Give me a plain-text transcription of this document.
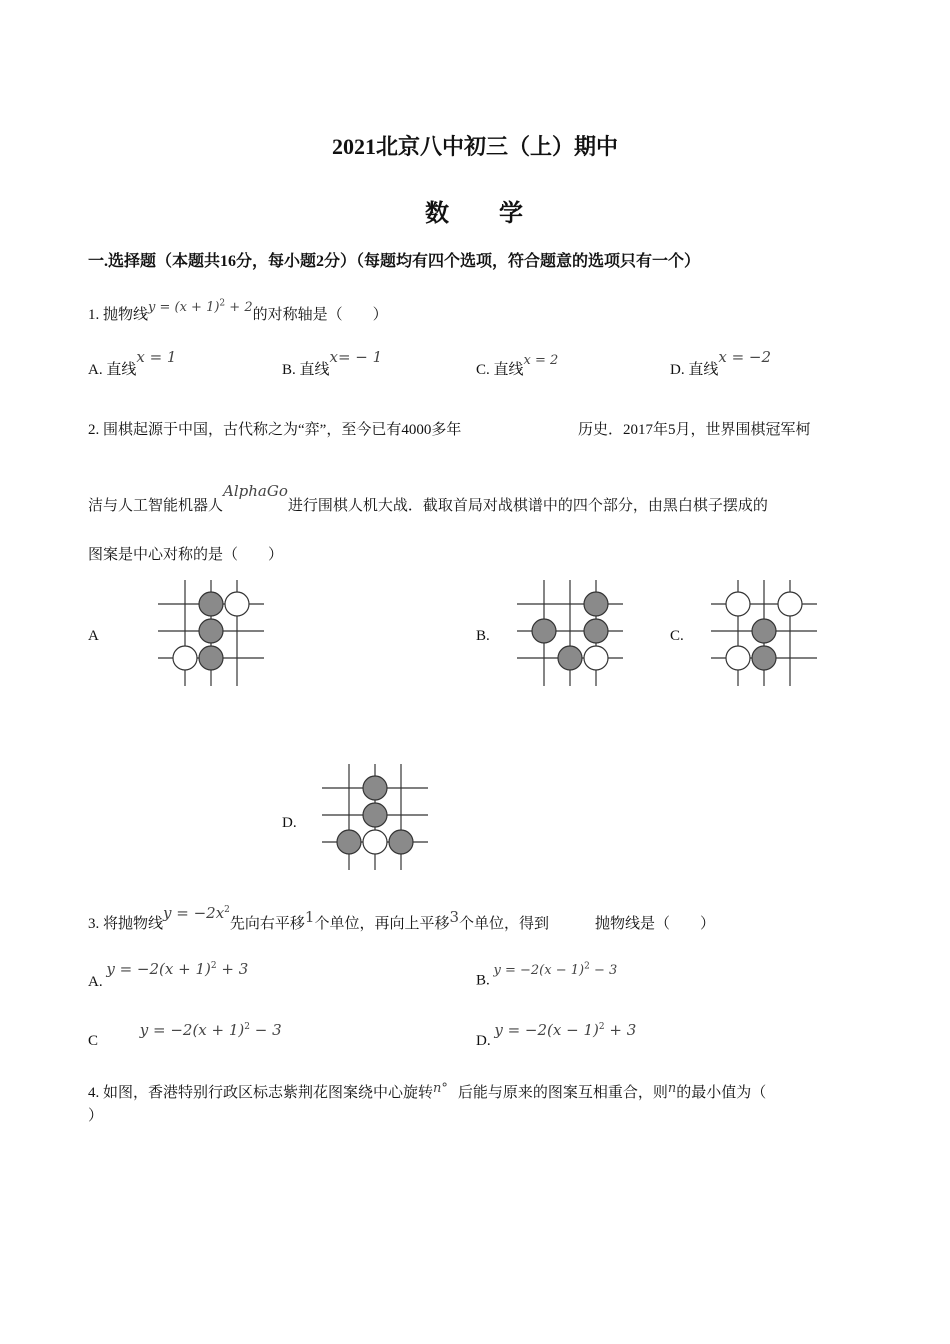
2021北京八中初三（上）期中
数 学
一.选择题（本题共16分，每小题2分）（每题均有四个选项，符合题意的选项只有一个）
1. 抛物线$y = (x + 1)^2 + 2$的对称轴是（　　）
A. 直线x = 1
B. 直线x= − 1
C. 直线x = 2
D. 直线x = −2
2. 围棋起源于中国，古代称之为“弈”，至今已有4000多年	历史．2017年5月，世界围棋冠军柯
洁与人工智能机器人AlphaGo进行围棋人机大战．截取首局对战棋谱中的四个部分，由黑白棋子摆成的
图案是中心对称的是（　　）
A	B.	C.
D.
3. 将抛物线$y = -2x^2$先向右平移1个单位，再向上平移3个单位，得到	抛物线是（　　）
A. $y = -2(x + 1)^2 + 3$
B. $y = -2(x - 1)^2 - 3$
C $y = -2(x + 1)^2 - 3$
D. $y = -2(x - 1)^2 + 3$
4. 如图，香港特别行政区标志紫荆花图案绕中心旋转n° 后能与原来的图案互相重合，则n的最小值为（
）
